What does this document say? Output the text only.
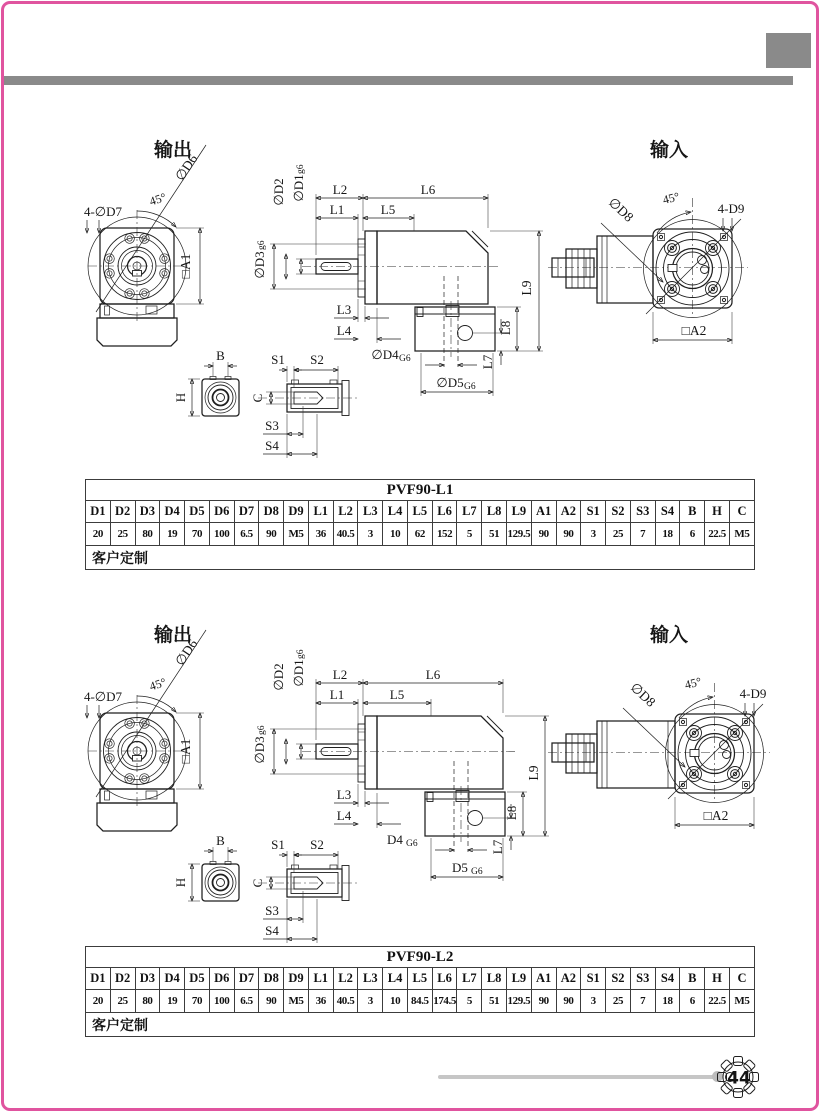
输出	输入
□A1
4-∅D7
45°
∅D6
L2	L6
L1	L5
∅D2 ∅D1
g6
∅D3
g6
L3
L4
∅D4 G6
∅D5 G6
L9
L8
L7
∅D8 45°
4-D9
□A2
B
H	C
S1 S2
S3
S4
输出	输入
□A1
4-∅D7
45°
∅D6
L2	L6
L1	L5
∅D2 ∅D1
g6
∅D3
g6
L3
L4
D4 G6
D5 G6
L9
L8
L7
∅D8 45°
4-D9
□A2
B
H	C
S1 S2
S3
S4
PVF90-L1																										
D1	D2	D3	D4	D5	D6	D7	D8	D9	L1	L2	L3	L4	L5	L6	L7	L8	L9	A1	A2	S1	S2	S3	S4	B	H	C
20	25	80	19	70	100	6.5	90	M5	36	40.5	3	10	62	152	5	51	129.5	90	90	3	25	7	18	6	22.5	M5
客户定制																										
PVF90-L2																										
D1	D2	D3	D4	D5	D6	D7	D8	D9	L1	L2	L3	L4	L5	L6	L7	L8	L9	A1	A2	S1	S2	S3	S4	B	H	C
20	25	80	19	70	100	6.5	90	M5	36	40.5	3	10	84.5	174.5	5	51	129.5	90	90	3	25	7	18	6	22.5	M5
客户定制																										
44
